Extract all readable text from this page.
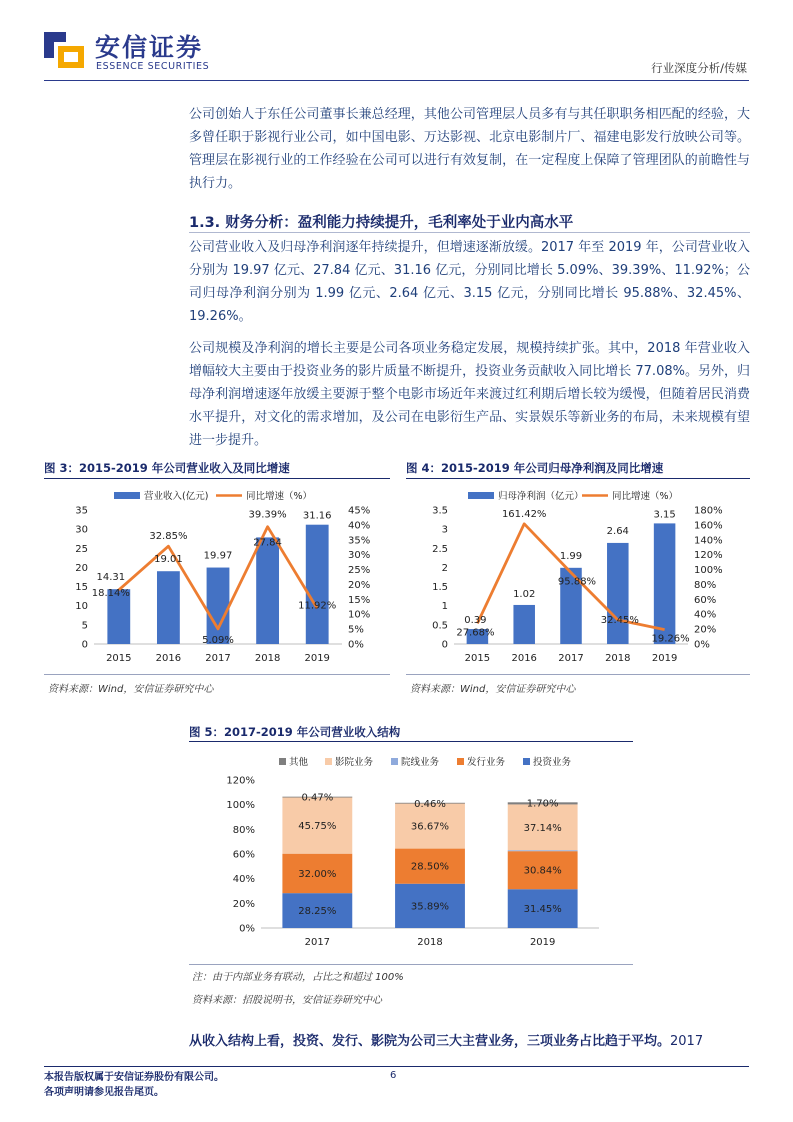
安信证券
ESSENCE SECURITIES	行业深度分析/传媒

公司创始人于东任公司董事长兼总经理，其他公司管理层人员多有与其任职职务相匹配的经验，大多曾任职于影视行业公司，如中国电影、万达影视、北京电影制片厂、福建电影发行放映公司等。管理层在影视行业的工作经验在公司可以进行有效复制，在一定程度上保障了管理团队的前瞻性与执行力。

1.3. 财务分析：盈利能力持续提升，毛利率处于业内高水平

公司营业收入及归母净利润逐年持续提升，但增速逐渐放缓。2017 年至 2019 年，公司营业收入分别为 19.97 亿元、27.84 亿元、31.16 亿元，分别同比增长 5.09%、39.39%、11.92%；公司归母净利润分别为 1.99 亿元、2.64 亿元、3.15 亿元，分别同比增长 95.88%、32.45%、19.26%。

公司规模及净利润的增长主要是公司各项业务稳定发展，规模持续扩张。其中，2018 年营业收入增幅较大主要由于投资业务的影片质量不断提升，投资业务贡献收入同比增长 77.08%。另外，归母净利润增速逐年放缓主要源于整个电影市场近年来渡过红利期后增长较为缓慢，但随着居民消费水平提升，对文化的需求增加，及公司在电影衍生产品、实景娱乐等新业务的布局，未来规模有望进一步提升。

图 3：2015-2019 年公司营业收入及同比增速
营业收入(亿元)	同比增速（%）
0
5
10
15
20
25
30
35
0%
5%
10%
15%
20%
25%
30%
35%
40%
45%
2015 2016 2017 2018 2019
14.31
19.01 19.97
27.84
31.16
18.14%
32.85%
5.09%
39.39%
11.92%
资料来源：Wind，安信证券研究中心
图 4：2015-2019 年公司归母净利润及同比增速
归母净利润（亿元）	同比增速（%）
0
0.5
1
1.5
2
2.5
3
3.5
0%
20%
40%
60%
80%
100%
120%
140%
160%
180%
2015 2016 2017 2018 2019
0.39
1.02
1.99
2.64
3.15
27.68%
161.42%
95.88%
32.45%
19.26%
资料来源：Wind，安信证券研究中心
图 5：2017-2019 年公司营业收入结构
其他	影院业务	院线业务	发行业务	投资业务
0%
20%
40%
60%
80%
100%
120%
28.25%
32.00%
45.75%
0.47%
2017
35.89%
28.50%
36.67%
0.46%
2018
31.45%
30.84%
37.14%
1.70%
2019
注：由于内部业务有联动，占比之和超过 100%
资料来源：招股说明书，安信证券研究中心
从收入结构上看，投资、发行、影院为公司三大主营业务，三项业务占比趋于平均。2017
本报告版权属于安信证券股份有限公司。
各项声明请参见报告尾页。
6
